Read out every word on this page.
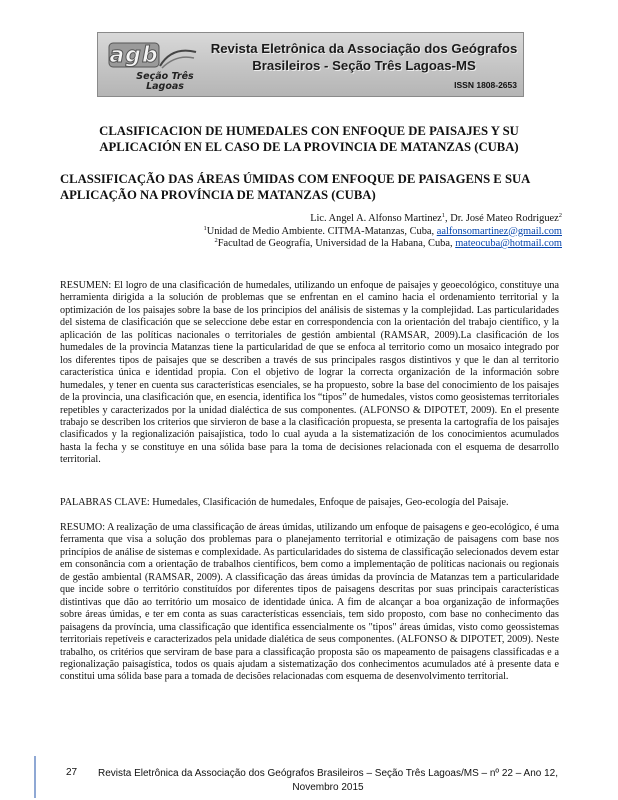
agb
Seção Três Lagoas
Revista Eletrônica da Associação dos Geógrafos
Brasileiros - Seção Três Lagoas-MS
ISSN 1808-2653
CLASIFICACION DE HUMEDALES CON ENFOQUE DE PAISAJES Y SU APLICACIÓN EN EL CASO DE LA PROVINCIA DE MATANZAS (CUBA)
CLASSIFICAÇÃO DAS ÁREAS ÚMIDAS COM ENFOQUE DE PAISAGENS E SUA APLICAÇÃO NA PROVÍNCIA DE MATANZAS (CUBA)
Lic. Angel A. Alfonso Martinez$^1$, Dr. José Mateo Rodriguez$^2$
$^1$Unidad de Medio Ambiente. CITMA-Matanzas, Cuba, aalfonsomartinez@gmail.com
$^2$Facultad de Geografía, Universidad de la Habana, Cuba, mateocuba@hotmail.com

RESUMEN: El logro de una clasificación de humedales, utilizando un enfoque de paisajes y geoecológico, constituye una herramienta dirigida a la solución de problemas que se enfrentan en el camino hacia el ordenamiento territorial y la optimización de los paisajes sobre la base de los principios del análisis de sistemas y la complejidad. Las particularidades del sistema de clasificación que se seleccione debe estar en correspondencia con la orientación del trabajo científico, y la aplicación de las políticas nacionales o territoriales de gestión ambiental (RAMSAR, 2009).La clasificación de los humedales de la provincia Matanzas tiene la particularidad de que se enfoca al territorio como un mosaico integrado por los diferentes tipos de paisajes que se describen a través de sus principales rasgos distintivos y que le dan al territorio característica única e identidad propia. Con el objetivo de lograr la correcta organización de la información sobre humedales, y tener en cuenta sus características esenciales, se ha propuesto, sobre la base del conocimiento de los paisajes de la provincia, una clasificación que, en esencia, identifica los “tipos” de humedales, vistos como geosistemas territoriales repetibles y caracterizados por la unidad dialéctica de sus componentes. (ALFONSO & DIPOTET, 2009). En el presente trabajo se describen los criterios que sirvieron de base a la clasificación propuesta, se presenta la cartografía de los paisajes clasificados y la regionalización paisajística, todo lo cual ayuda a la sistematización de los conocimientos acumulados hasta la fecha y se constituye en una sólida base para la toma de decisiones relacionada con el esquema de desarrollo territorial.

PALABRAS CLAVE: Humedales, Clasificación de humedales, Enfoque de paisajes, Geo-ecología del Paisaje.

RESUMO: A realização de uma classificação de áreas úmidas, utilizando um enfoque de paisagens e geo-ecológico, é uma ferramenta que visa a solução dos problemas para o planejamento territorial e otimização de paisagens com base nos princípios de análise de sistemas e complexidade. As particularidades do sistema de classificação selecionados devem estar em consonância com a orientação de trabalhos científicos, bem como a implementação de políticas nacionais ou regionais de gestão ambiental (RAMSAR, 2009). A classificação das áreas úmidas da província de Matanzas tem a particularidade que incide sobre o território constituídos por diferentes tipos de paisagens descritas por suas principais características distintivas que dão ao território um mosaico de identidade única. A fim de alcançar a boa organização de informações sobre áreas úmidas, e ter em conta as suas características essenciais, tem sido proposto, com base no conhecimento das paisagens da província, uma classificação que identifica essencialmente os "tipos" áreas úmidas, visto como geossistemas territoriais repetíveis e caracterizados pela unidade dialética de seus componentes. (ALFONSO & DIPOTET, 2009). Neste trabalho, os critérios que serviram de base para a classificação proposta são os mapeamento de paisagens classificadas e a regionalização paisagística, todos os quais ajudam a sistematização dos conhecimentos acumulados até à presente data e constitui uma sólida base para a tomada de decisões relacionadas com esquema de desenvolvimento territorial.

27	Revista Eletrônica da Associação dos Geógrafos Brasileiros – Seção Três Lagoas/MS – nº 22 – Ano 12,
Novembro 2015
